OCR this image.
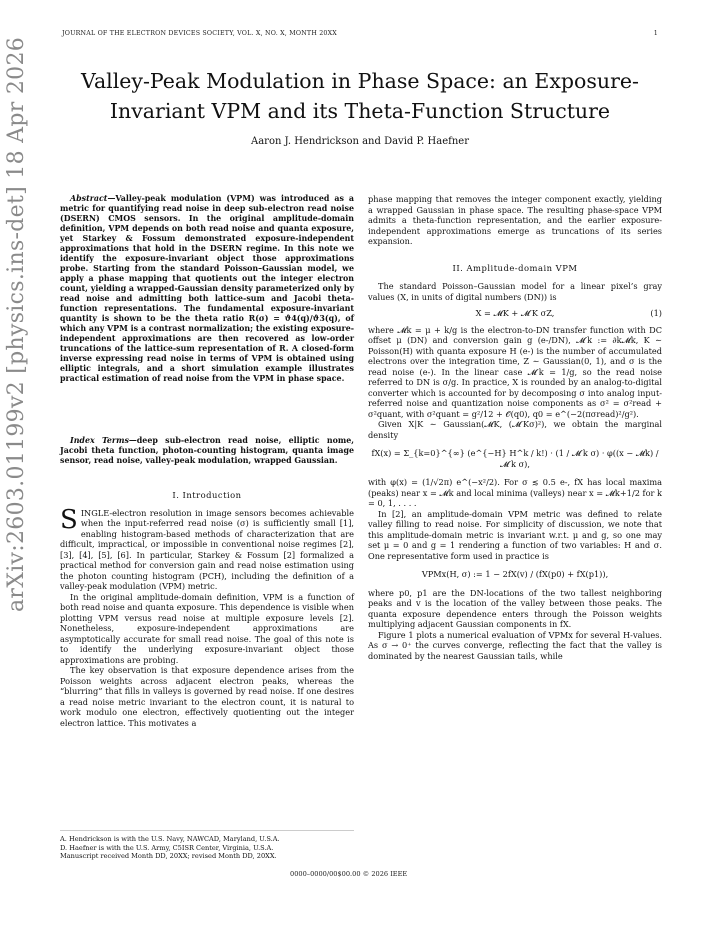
JOURNAL OF THE ELECTRON DEVICES SOCIETY, VOL. X, NO. X, MONTH 20XX	1
Valley-Peak Modulation in Phase Space: an Exposure-Invariant VPM and its Theta-Function Structure
Aaron J. Hendrickson and David P. Haefner
arXiv:2603.01199v2 [physics.ins-det] 18 Apr 2026	Abstract—Valley-peak modulation (VPM) was introduced as a metric for quantifying read noise in deep sub-electron read noise (DSERN) CMOS sensors. In the original amplitude-domain definition, VPM depends on both read noise and quanta exposure, yet Starkey & Fossum demonstrated exposure-independent approximations that hold in the DSERN regime. In this note we identify the exposure-invariant object those approximations probe. Starting from the standard Poisson–Gaussian model, we apply a phase mapping that quotients out the integer electron count, yielding a wrapped-Gaussian density parameterized only by read noise and admitting both lattice-sum and Jacobi theta-function representations. The fundamental exposure-invariant quantity is shown to be the theta ratio R(σ) = ϑ4(q)/ϑ3(q), of which any VPM is a contrast normalization; the existing exposure-independent approximations are then recovered as low-order truncations of the lattice-sum representation of R. A closed-form inverse expressing read noise in terms of VPM is obtained using elliptic integrals, and a short simulation example illustrates practical estimation of read noise from the VPM in phase space.
Index Terms—deep sub-electron read noise, elliptic nome, Jacobi theta function, photon-counting histogram, quanta image sensor, read noise, valley-peak modulation, wrapped Gaussian.
I. Introduction

SINGLE-electron resolution in image sensors becomes achievable when the input-referred read noise (σ) is sufficiently small [1], enabling histogram-based methods of characterization that are difficult, impractical, or impossible in conventional noise regimes [2], [3], [4], [5], [6]. In particular, Starkey & Fossum [2] formalized a practical method for conversion gain and read noise estimation using the photon counting histogram (PCH), including the definition of a valley-peak modulation (VPM) metric.

In the original amplitude-domain definition, VPM is a function of both read noise and quanta exposure. This dependence is visible when plotting VPM versus read noise at multiple exposure levels [2]. Nonetheless, exposure-independent approximations are asymptotically accurate for small read noise. The goal of this note is to identify the underlying exposure-invariant object those approximations are probing.

The key observation is that exposure dependence arises from the Poisson weights across adjacent electron peaks, whereas the “blurring” that fills in valleys is governed by read noise. If one desires a read noise metric invariant to the electron count, it is natural to work modulo one electron, effectively quotienting out the integer electron lattice. This motivates a

A. Hendrickson is with the U.S. Navy, NAWCAD, Maryland, U.S.A.
D. Haefner is with the U.S. Army, C5ISR Center, Virginia, U.S.A.
Manuscript received Month DD, 20XX; revised Month DD, 20XX.
0000–0000/00$00.00 © 2026 IEEE

phase mapping that removes the integer component exactly, yielding a wrapped Gaussian in phase space. The resulting phase-space VPM admits a theta-function representation, and the earlier exposure-independent approximations emerge as truncations of its series expansion.

II. Amplitude-domain VPM

The standard Poisson–Gaussian model for a linear pixel’s gray values (X, in units of digital numbers (DN)) is

X = 𝓜K + 𝓜′K σZ,	(1)

where 𝓜k = μ + k/g is the electron-to-DN transfer function with DC offset μ (DN) and conversion gain g (e-/DN), 𝓜′k := ∂k𝓜k, K ∼ Poisson(H) with quanta exposure H (e-) is the number of accumulated electrons over the integration time, Z ∼ Gaussian(0, 1), and σ is the read noise (e-). In the linear case 𝓜′k = 1/g, so the read noise referred to DN is σ/g. In practice, X is rounded by an analog-to-digital converter which is accounted for by decomposing σ into analog input-referred noise and quantization noise components as σ² = σ²read + σ²quant, with σ²quant = g²/12 + 𝒪(q0), q0 = e^(−2(πσread)²/g²).

Given X|K ∼ Gaussian(𝓜K, (𝓜′Kσ)²), we obtain the marginal density

fX(x) = Σ_{k=0}^{∞} (e^{−H} H^k / k!) · (1 / 𝓜′k σ) · φ((x − 𝓜k) / 𝓜′k σ),

with φ(x) = (1/√2π) e^(−x²/2). For σ ≲ 0.5 e-, fX has local maxima (peaks) near x = 𝓜k and local minima (valleys) near x = 𝓜k+1/2 for k = 0, 1, . . . .

In [2], an amplitude-domain VPM metric was defined to relate valley filling to read noise. For simplicity of discussion, we note that this amplitude-domain metric is invariant w.r.t. μ and g, so one may set μ = 0 and g = 1 rendering a function of two variables: H and σ. One representative form used in practice is

VPMx(H, σ) := 1 − 2fX(v) / (fX(p0) + fX(p1)),

where p0, p1 are the DN-locations of the two tallest neighboring peaks and v is the location of the valley between those peaks. The quanta exposure dependence enters through the Poisson weights multiplying adjacent Gaussian components in fX.

Figure 1 plots a numerical evaluation of VPMx for several H-values. As σ → 0⁺ the curves converge, reflecting the fact that the valley is dominated by the nearest Gaussian tails, while
